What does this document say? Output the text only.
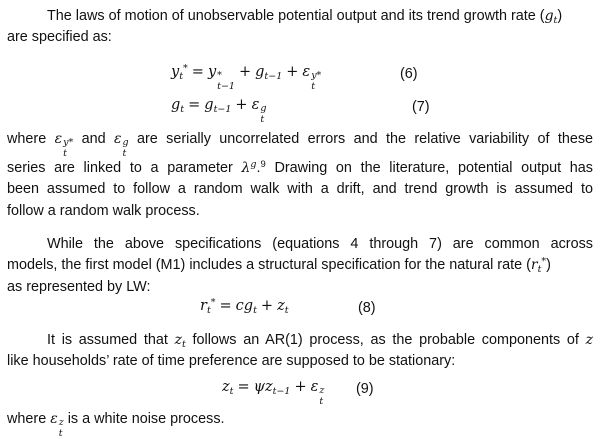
The laws of motion of unobservable potential output and its trend growth rate $(g_t)$
are specified as:
$y_t^* = y$ *
t−1
+ $g_{t-1} + \varepsilon$ y*
t
(6)
$g_t = g_{t-1} + \varepsilon$ g
t
(7)
where ε y*
t
and ε g
t
are serially uncorrelated errors and the relative variability of these
series are linked to a parameter $\lambda^g.^9$ Drawing on the literature, potential output has
been assumed to follow a random walk with a drift, and trend growth is assumed to
follow a random walk process.
While the above specifications (equations 4 through 7) are common across
models, the first model (M1) includes a structural specification for the natural rate $(r_t^*)$
as represented by LW:
$r_t^* = cg_t + z_t$	(8)
It is assumed that $z_t$ follows an AR(1) process, as the probable components of z
like households’ rate of time preference are supposed to be stationary:
$z_t = \psi z_{t-1} + \varepsilon$ z
t
(9)
where ε z
t
is a white noise process.
